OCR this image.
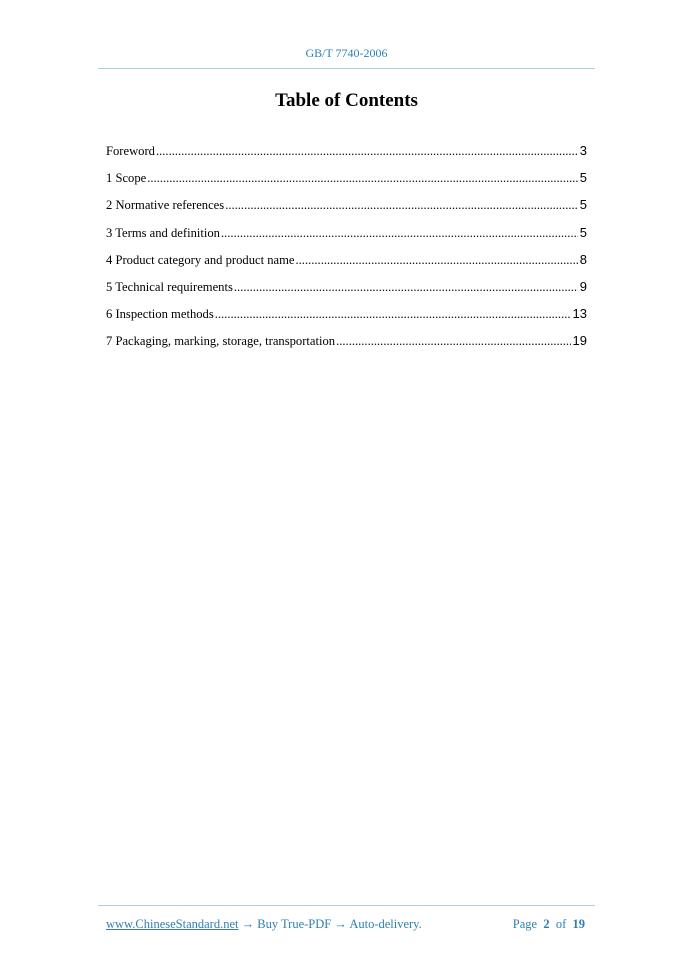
GB/T 7740-2006
Table of Contents
Foreword .....	3
1 Scope .....	5
2 Normative references .....	5
3 Terms and definition .....	5
4 Product category and product name .....	8
5 Technical requirements .....	9
6 Inspection methods .....	13
7 Packaging, marking, storage, transportation .....	19
www.ChineseStandard.net → Buy True-PDF → Auto-delivery.	Page 2 of 19
